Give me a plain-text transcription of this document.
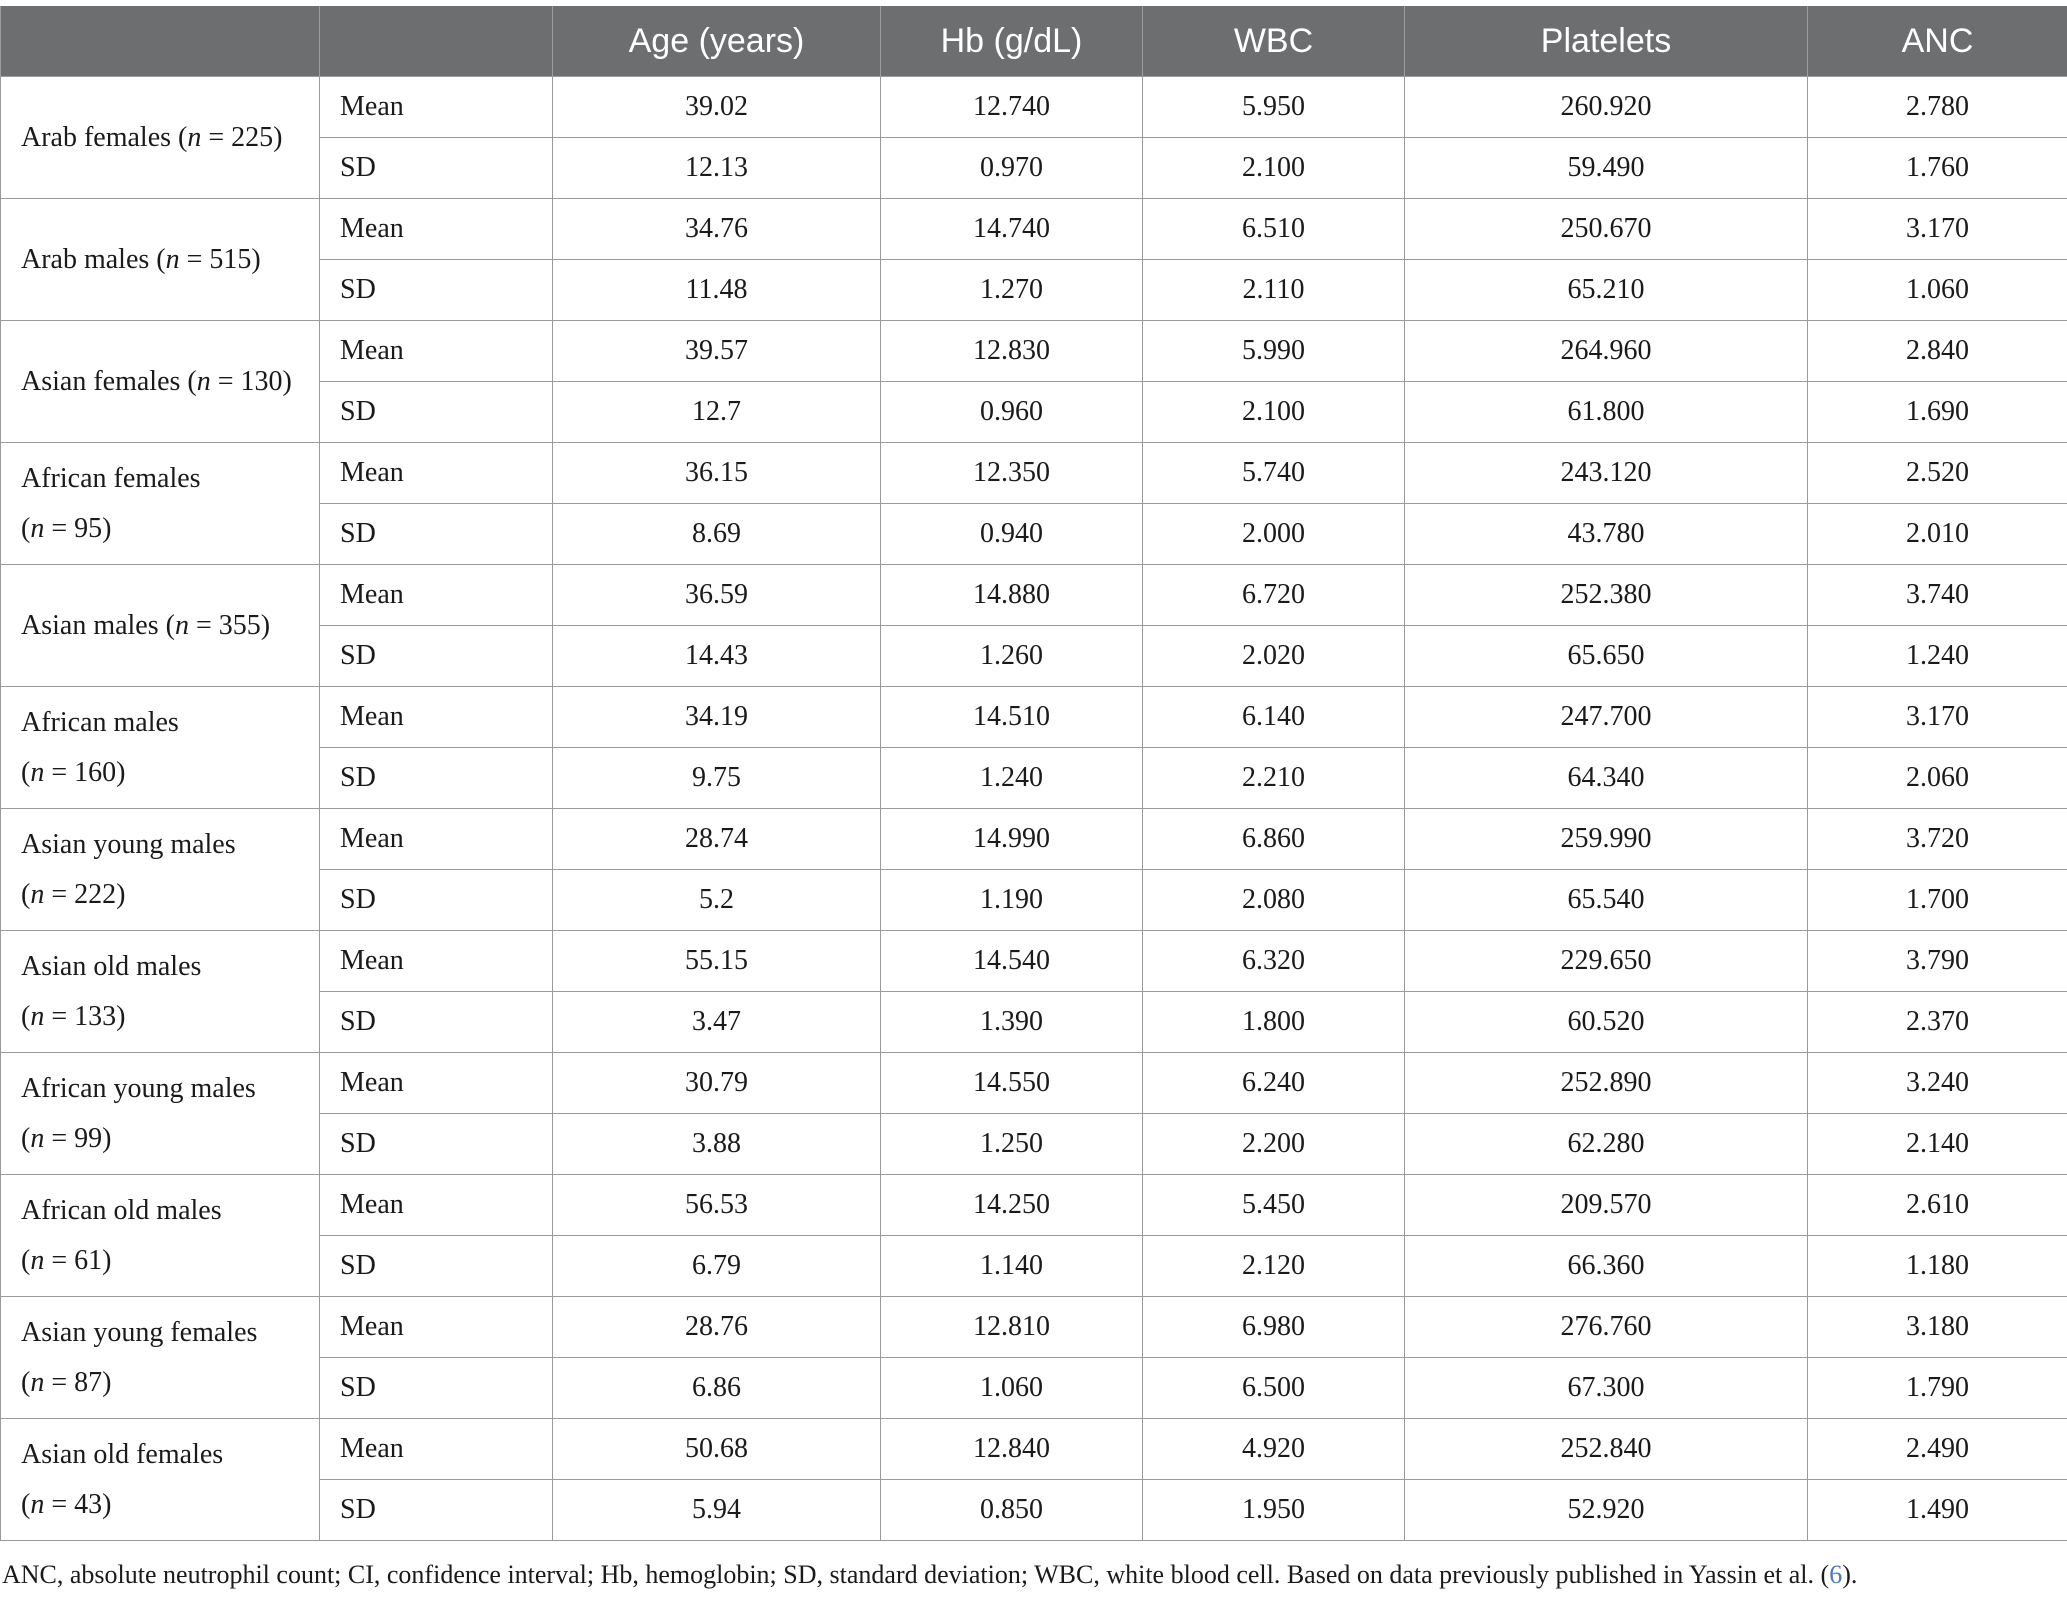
		Age (years)	Hb (g/dL)	WBC	Platelets	ANC
Arab females (n = 225)	Mean	39.02	12.740	5.950	260.920	2.780
	SD	12.13	0.970	2.100	59.490	1.760
Arab males (n = 515)	Mean	34.76	14.740	6.510	250.670	3.170
	SD	11.48	1.270	2.110	65.210	1.060
Asian females (n = 130)	Mean	39.57	12.830	5.990	264.960	2.840
	SD	12.7	0.960	2.100	61.800	1.690
African females
(n = 95)	Mean	36.15	12.350	5.740	243.120	2.520
	SD	8.69	0.940	2.000	43.780	2.010
Asian males (n = 355)	Mean	36.59	14.880	6.720	252.380	3.740
	SD	14.43	1.260	2.020	65.650	1.240
African males
(n = 160)	Mean	34.19	14.510	6.140	247.700	3.170
	SD	9.75	1.240	2.210	64.340	2.060
Asian young males
(n = 222)	Mean	28.74	14.990	6.860	259.990	3.720
	SD	5.2	1.190	2.080	65.540	1.700
Asian old males
(n = 133)	Mean	55.15	14.540	6.320	229.650	3.790
	SD	3.47	1.390	1.800	60.520	2.370
African young males
(n = 99)	Mean	30.79	14.550	6.240	252.890	3.240
	SD	3.88	1.250	2.200	62.280	2.140
African old males
(n = 61)	Mean	56.53	14.250	5.450	209.570	2.610
	SD	6.79	1.140	2.120	66.360	1.180
Asian young females
(n = 87)	Mean	28.76	12.810	6.980	276.760	3.180
	SD	6.86	1.060	6.500	67.300	1.790
Asian old females
(n = 43)	Mean	50.68	12.840	4.920	252.840	2.490
	SD	5.94	0.850	1.950	52.920	1.490
ANC, absolute neutrophil count; CI, confidence interval; Hb, hemoglobin; SD, standard deviation; WBC, white blood cell. Based on data previously published in Yassin et al. (6).
